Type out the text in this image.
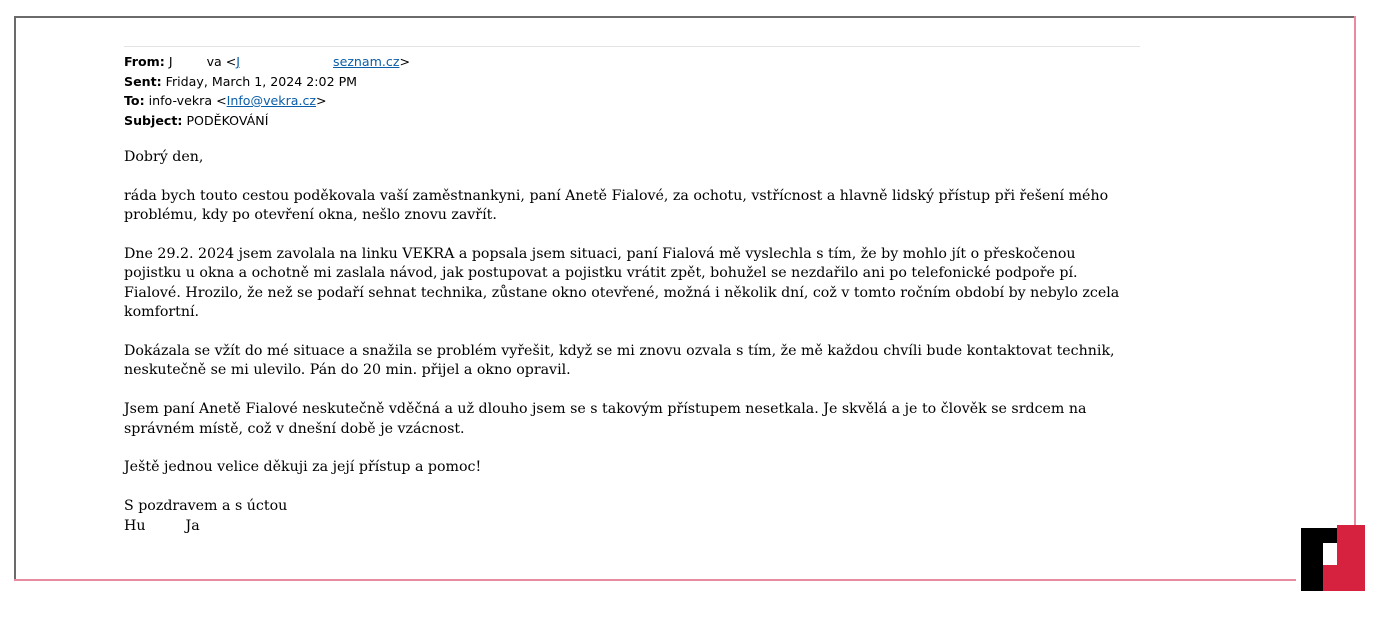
From: J	va <J	seznam.cz>
Sent: Friday, March 1, 2024 2:02 PM
To: info-vekra <Info@vekra.cz>
Subject: PODĚKOVÁNÍ

Dobrý den,

ráda bych touto cestou poděkovala vaší zaměstnankyni, paní Anetě Fialové, za ochotu, vstřícnost a hlavně lidský přístup při řešení mého problému, kdy po otevření okna, nešlo znovu zavřít.

Dne 29.2. 2024 jsem zavolala na linku VEKRA a popsala jsem situaci, paní Fialová mě vyslechla s tím, že by mohlo jít o přeskočenou pojistku u okna a ochotně mi zaslala návod, jak postupovat a pojistku vrátit zpět, bohužel se nezdařilo ani po telefonické podpoře pí. Fialové. Hrozilo, že než se podaří sehnat technika, zůstane okno otevřené, možná i několik dní, což v tomto ročním období by nebylo zcela komfortní.

Dokázala se vžít do mé situace a snažila se problém vyřešit, když se mi znovu ozvala s tím, že mě každou chvíli bude kontaktovat technik, neskutečně se mi ulevilo. Pán do 20 min. přijel a okno opravil.

Jsem paní Anetě Fialové neskutečně vděčná a už dlouho jsem se s takovým přístupem nesetkala. Je skvělá a je to člověk se srdcem na správném místě, což v dnešní době je vzácnost.

Ještě jednou velice děkuji za její přístup a pomoc!

S pozdravem a s úctou

Hu	Ja
